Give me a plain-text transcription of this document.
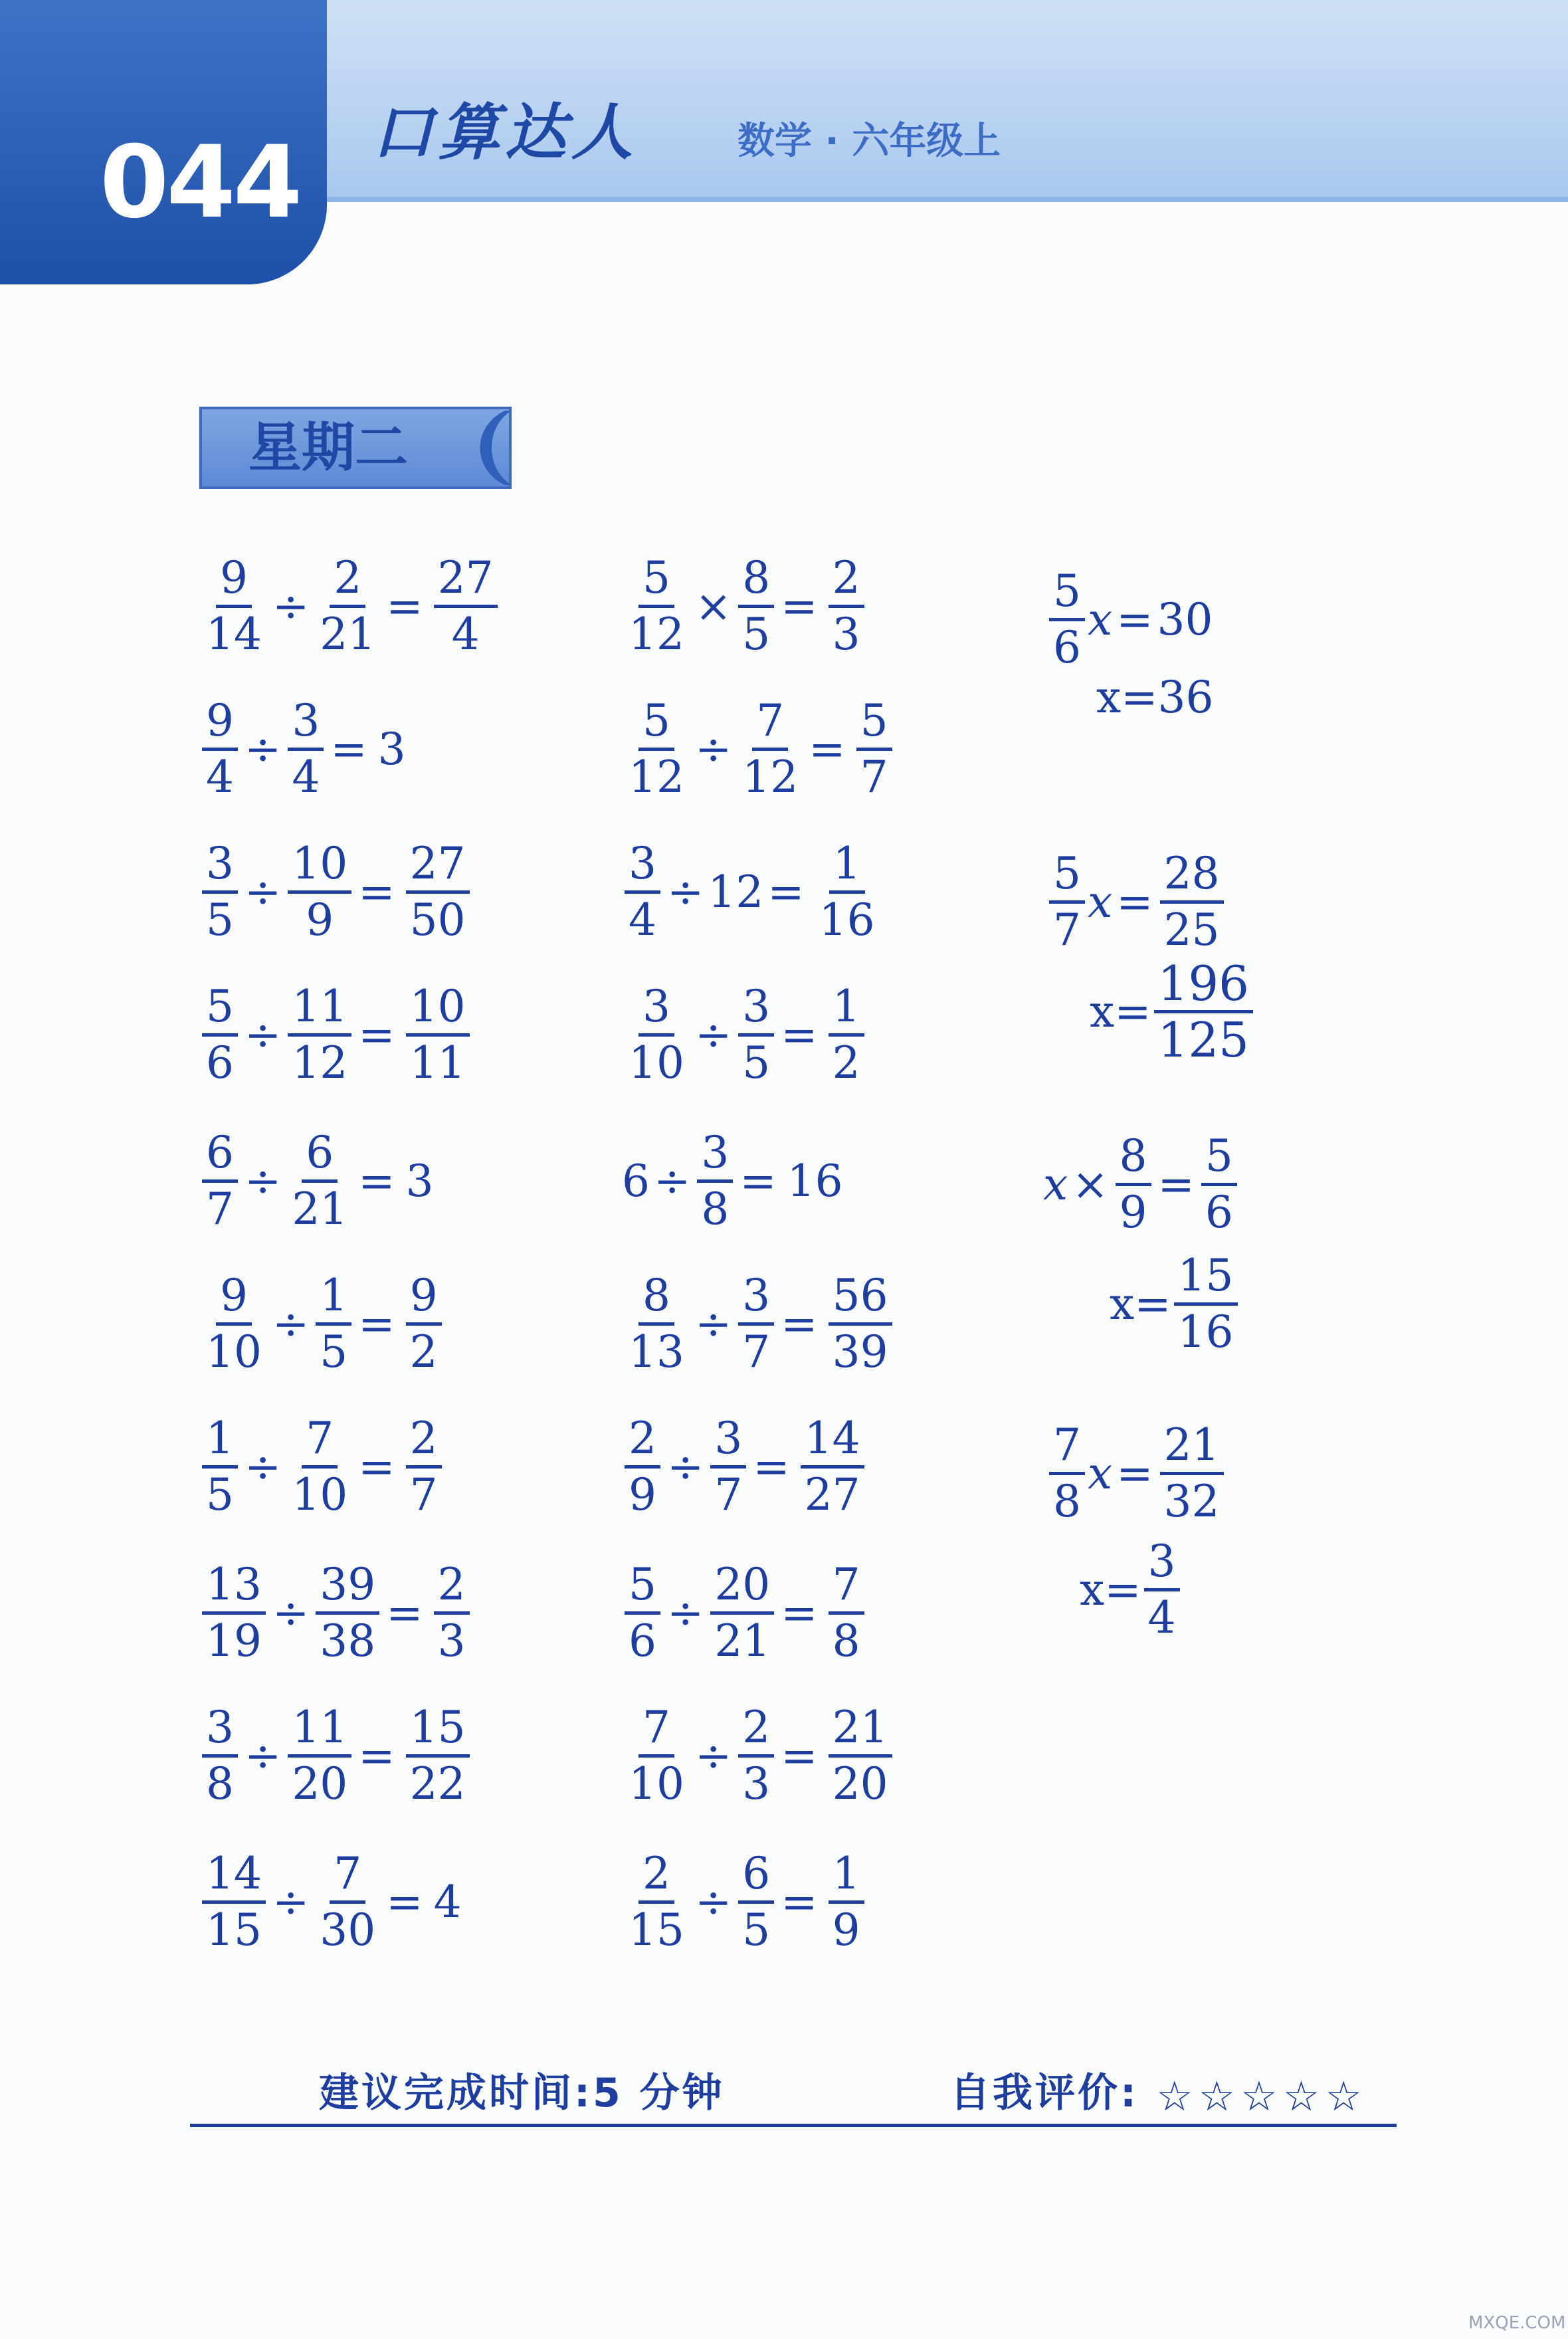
044 口算达人	数学 · 六年级上
星期二
$\frac{9}{14} \div \frac{2}{21} = \frac{27}{4}$
$\frac{9}{4} \div \frac{3}{4} = 3$
$\frac{3}{5} \div \frac{10}{9} = \frac{27}{50}$
$\frac{5}{6} \div \frac{11}{12} = \frac{10}{11}$
$\frac{6}{7} \div \frac{6}{21} = 3$
$\frac{9}{10} \div \frac{1}{5} = \frac{9}{2}$
$\frac{1}{5} \div \frac{7}{10} = \frac{2}{7}$
$\frac{13}{19} \div \frac{39}{38} = \frac{2}{3}$
$\frac{3}{8} \div \frac{11}{20} = \frac{15}{22}$
$\frac{14}{15} \div \frac{7}{30} = 4$
$\frac{5}{12} \times \frac{8}{5} = \frac{2}{3}$
$\frac{5}{12} \div \frac{7}{12} = \frac{5}{7}$
$\frac{3}{4} \div 12 = \frac{1}{16}$
$\frac{3}{10} \div \frac{3}{5} = \frac{1}{2}$
$6 \div \frac{3}{8} = 16$
$\frac{8}{13} \div \frac{3}{7} = \frac{56}{39}$
$\frac{2}{9} \div \frac{3}{7} = \frac{14}{27}$
$\frac{5}{6} \div \frac{20}{21} = \frac{7}{8}$
$\frac{7}{10} \div \frac{2}{3} = \frac{21}{20}$
$\frac{2}{15} \div \frac{6}{5} = \frac{1}{9}$
$\frac{5}{6}$ x = 30
x= 36
$\frac{5}{7}$ $x = \frac{28}{25}$
$x= \frac{196}{125}$
$x \times \frac{8}{9} = \frac{5}{6}$
$x= \frac{15}{16}$
$\frac{7}{8}$ $x = \frac{21}{32}$
$x= \frac{3}{4}$
建议完成时间:5 分钟	自我评价: ☆☆☆☆☆
MXQE.COM
